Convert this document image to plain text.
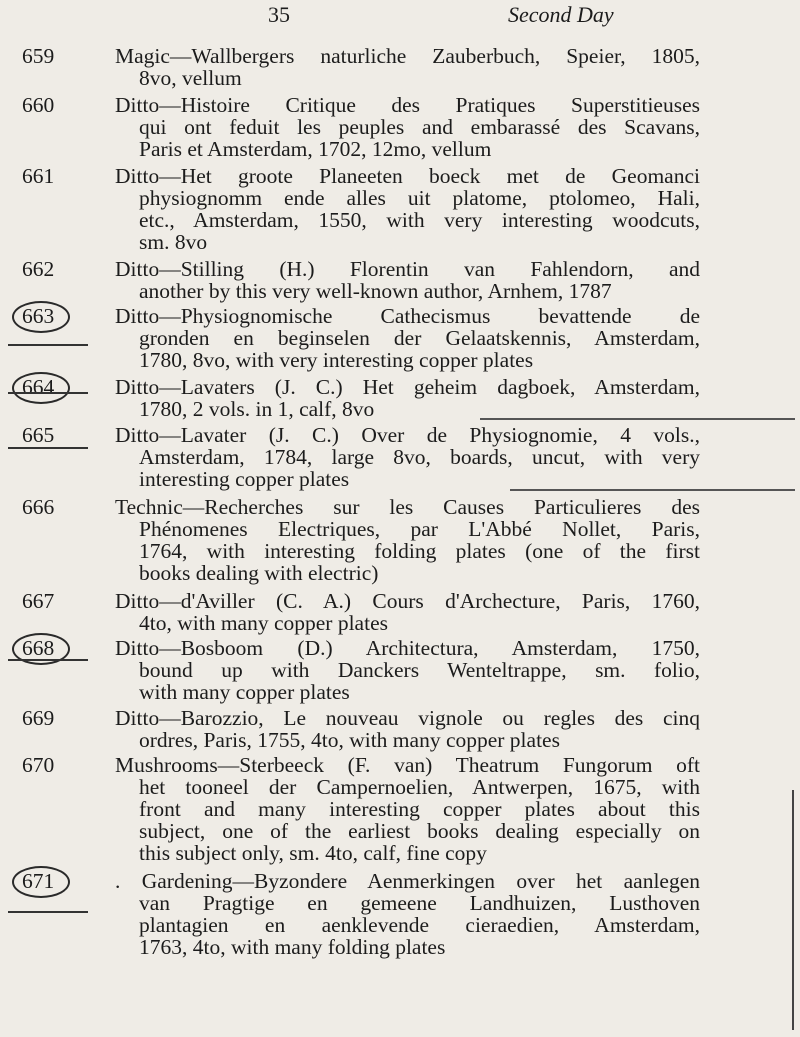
35	Second Day
659	Magic—Wallbergers naturliche Zauberbuch, Speier, 1805,
8vo, vellum
660	Ditto—Histoire Critique des Pratiques Superstitieuses
qui ont feduit les peuples and embarassé des Scavans,
Paris et Amsterdam, 1702, 12mo, vellum
661	Ditto—Het groote Planeeten boeck met de Geomanci
physiognomm ende alles uit platome, ptolomeo, Hali,
etc., Amsterdam, 1550, with very interesting woodcuts,
sm. 8vo
662	Ditto—Stilling (H.) Florentin van Fahlendorn, and
another by this very well-known author, Arnhem, 1787
663	Ditto—Physiognomische Cathecismus bevattende de
gronden en beginselen der Gelaatskennis, Amsterdam,
1780, 8vo, with very interesting copper plates
664	Ditto—Lavaters (J. C.) Het geheim dagboek, Amsterdam,
1780, 2 vols. in 1, calf, 8vo
665	Ditto—Lavater (J. C.) Over de Physiognomie, 4 vols.,
Amsterdam, 1784, large 8vo, boards, uncut, with very
interesting copper plates
666	Technic—Recherches sur les Causes Particulieres des
Phénomenes Electriques, par L'Abbé Nollet, Paris,
1764, with interesting folding plates (one of the first
books dealing with electric)
667	Ditto—d'Aviller (C. A.) Cours d'Archecture, Paris, 1760,
4to, with many copper plates
668	Ditto—Bosboom (D.) Architectura, Amsterdam, 1750,
bound up with Danckers Wenteltrappe, sm. folio,
with many copper plates
669	Ditto—Barozzio, Le nouveau vignole ou regles des cinq
ordres, Paris, 1755, 4to, with many copper plates
670	Mushrooms—Sterbeeck (F. van) Theatrum Fungorum oft
het tooneel der Campernoelien, Antwerpen, 1675, with
front and many interesting copper plates about this
subject, one of the earliest books dealing especially on
this subject only, sm. 4to, calf, fine copy
671	. Gardening—Byzondere Aenmerkingen over het aanlegen
van Pragtige en gemeene Landhuizen, Lusthoven
plantagien en aenklevende cieraedien, Amsterdam,
1763, 4to, with many folding plates
